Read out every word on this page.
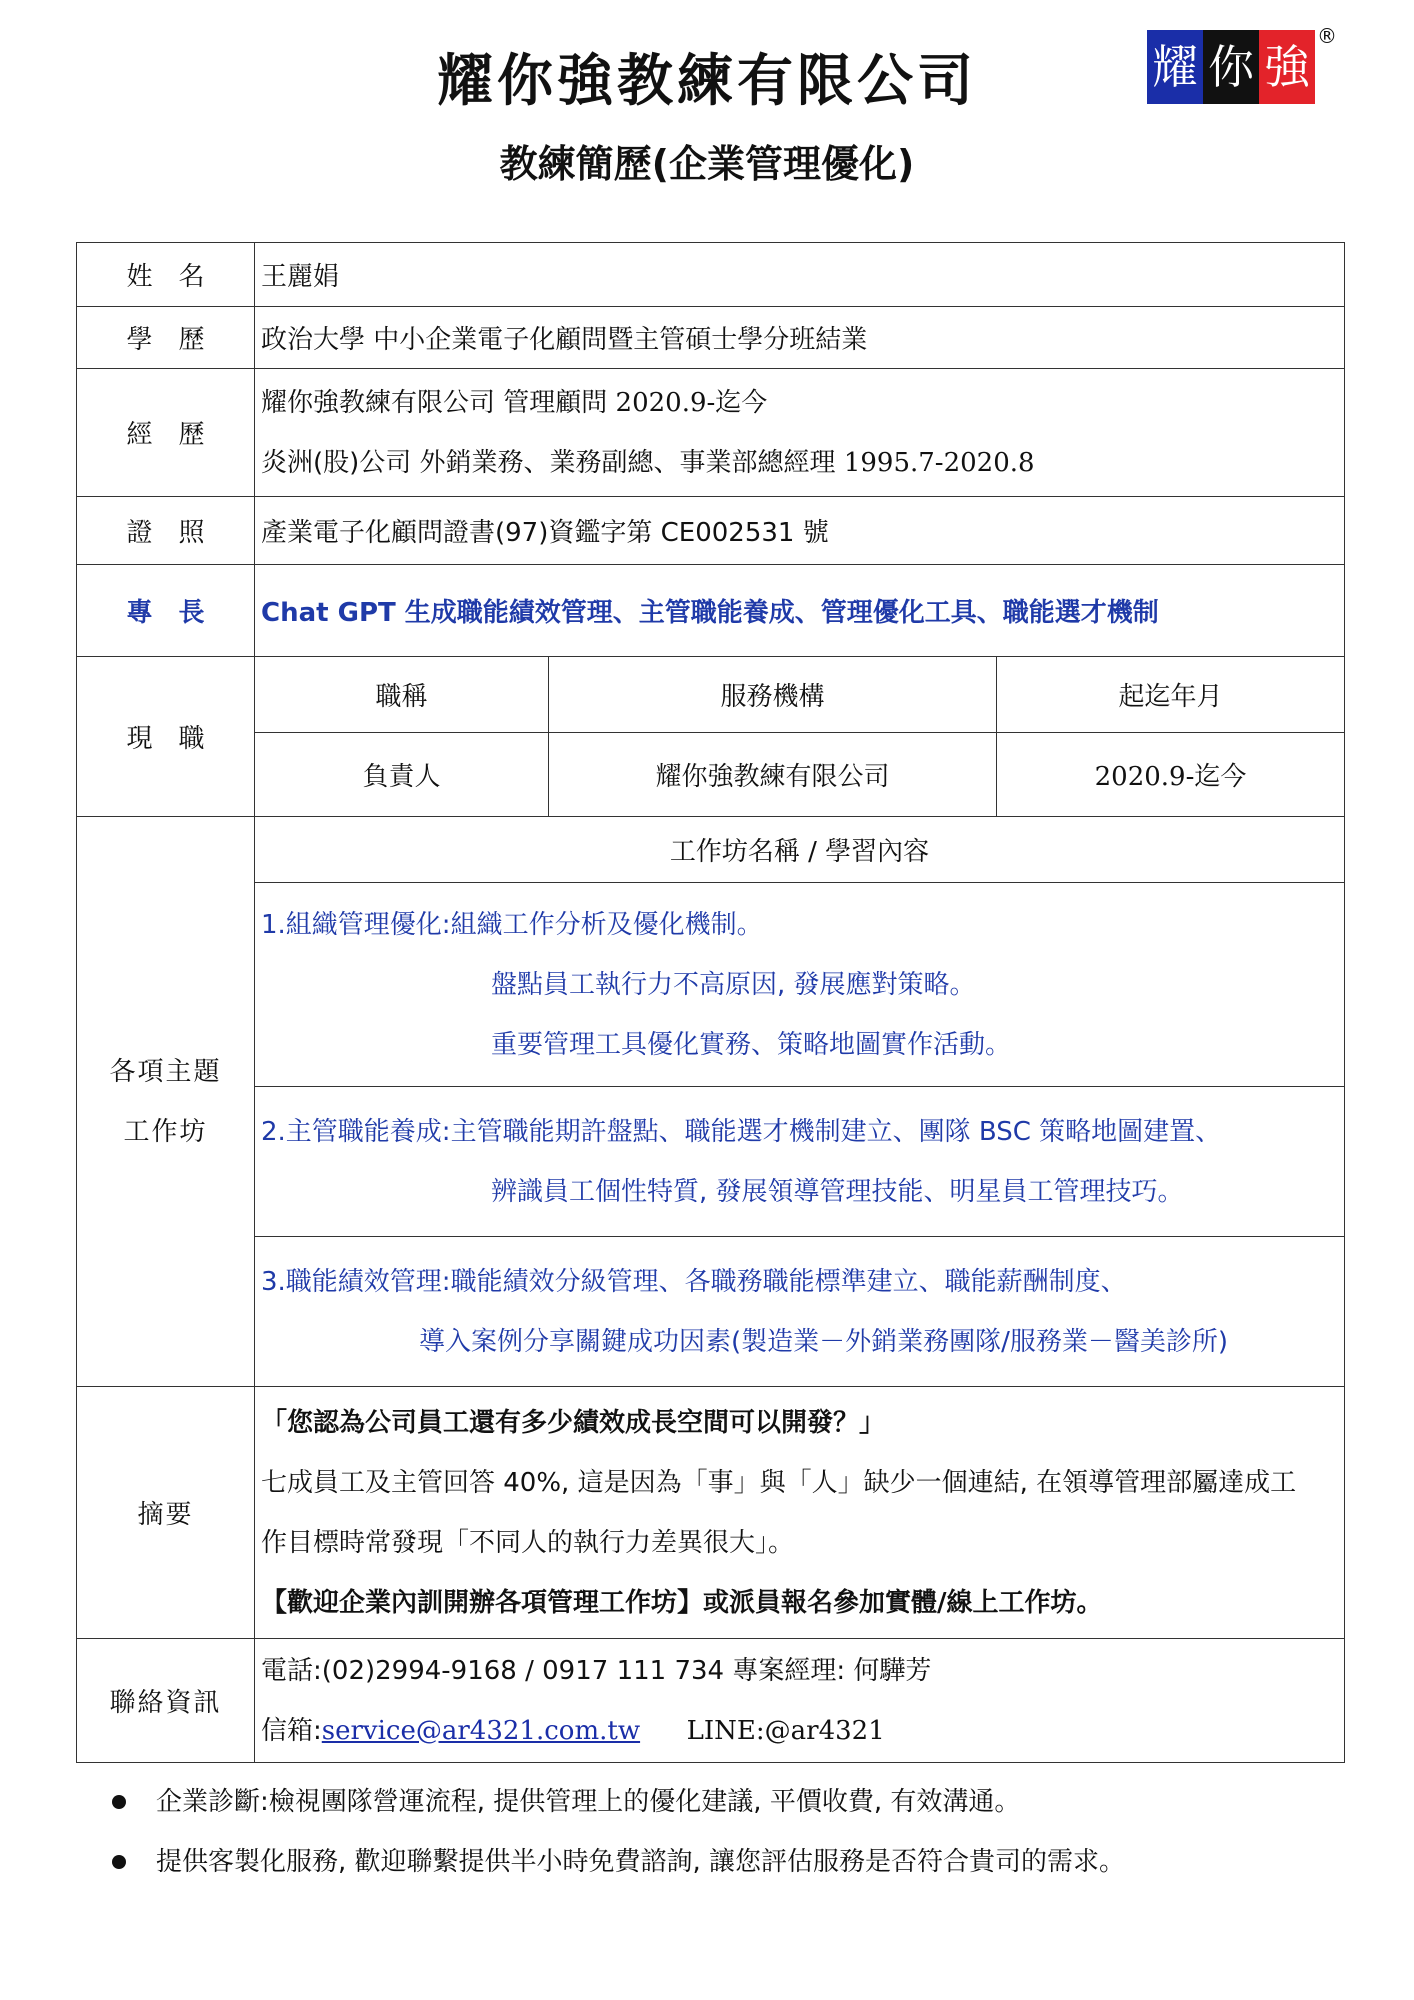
耀你強教練有限公司
教練簡歷(企業管理優化)
耀 你 強
®
姓名	王麗娟		
學歷	政治大學 中小企業電子化顧問暨主管碩士學分班結業		
經歷	耀你強教練有限公司 管理顧問 2020.9-迄今
炎洲(股)公司 外銷業務、業務副總、事業部總經理 1995.7-2020.8		

證照	產業電子化顧問證書(97)資鑑字第 CE002531 號		
專長	Chat GPT 生成職能績效管理、主管職能養成、管理優化工具、職能選才機制		
現職	職稱	服務機構	起迄年月
	負責人	耀你強教練有限公司	2020.9-迄今

各項主題
工作坊	工作坊名稱 / 學習內容		

	1.組織管理優化:組織工作分析及優化機制。
盤點員工執行力不高原因, 發展應對策略。
重要管理工具優化實務、策略地圖實作活動。		

	2.主管職能養成:主管職能期許盤點、職能選才機制建立、團隊 BSC 策略地圖建置、
辨識員工個性特質, 發展領導管理技能、明星員工管理技巧。		

	3.職能績效管理:職能績效分級管理、各職務職能標準建立、職能薪酬制度、
導入案例分享關鍵成功因素(製造業－外銷業務團隊/服務業－醫美診所)		

摘要	「您認為公司員工還有多少績效成長空間可以開發？」
七成員工及主管回答 40%, 這是因為「事」與「人」缺少一個連結, 在領導管理部屬達成工
作目標時常發現「不同人的執行力差異很大」。
【歡迎企業內訓開辦各項管理工作坊】或派員報名參加實體/線上工作坊。		

聯絡資訊	電話:(02)2994-9168 / 0917 111 734 專案經理: 何驊芳
信箱:service@ar4321.com.tw LINE:@ar4321		
企業診斷:檢視團隊營運流程, 提供管理上的優化建議, 平價收費, 有效溝通。
提供客製化服務, 歡迎聯繫提供半小時免費諮詢, 讓您評估服務是否符合貴司的需求。
